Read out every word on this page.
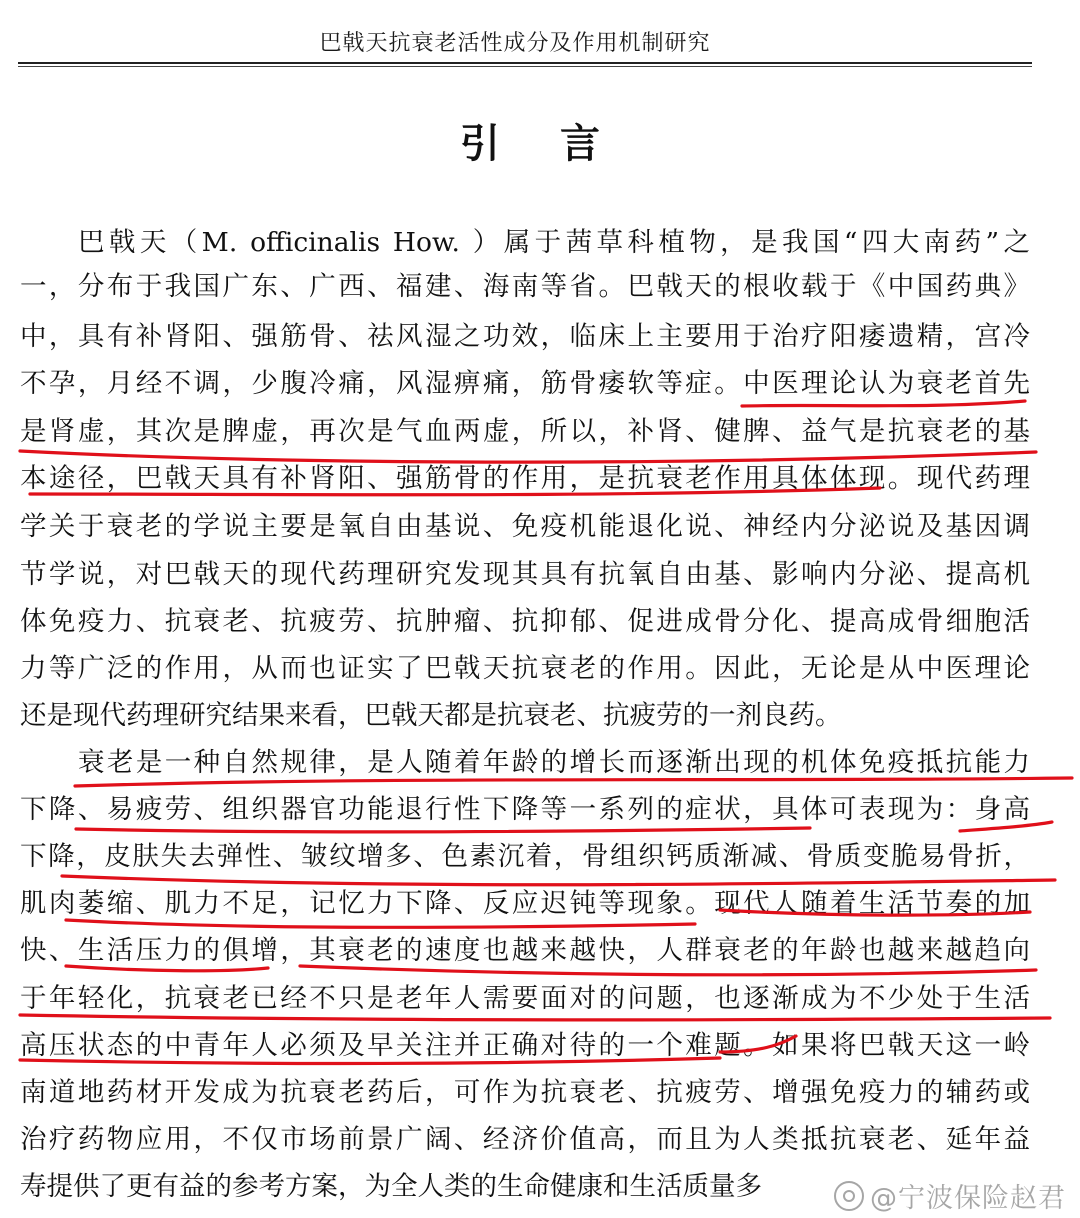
巴戟天抗衰老活性成分及作用机制研究
引言
巴戟天（M. officinalis How. ）属于茜草科植物，是我国“四大南药”之
一，分布于我国广东、广西、福建、海南等省。巴戟天的根收载于《中国药典》
中，具有补肾阳、强筋骨、祛风湿之功效，临床上主要用于治疗阳痿遗精，宫冷
不孕，月经不调，少腹冷痛，风湿痹痛，筋骨痿软等症。中医理论认为衰老首先
是肾虚，其次是脾虚，再次是气血两虚，所以，补肾、健脾、益气是抗衰老的基
本途径，巴戟天具有补肾阳、强筋骨的作用，是抗衰老作用具体体现。现代药理
学关于衰老的学说主要是氧自由基说、免疫机能退化说、神经内分泌说及基因调
节学说，对巴戟天的现代药理研究发现其具有抗氧自由基、影响内分泌、提高机
体免疫力、抗衰老、抗疲劳、抗肿瘤、抗抑郁、促进成骨分化、提高成骨细胞活
力等广泛的作用，从而也证实了巴戟天抗衰老的作用。因此，无论是从中医理论
还是现代药理研究结果来看，巴戟天都是抗衰老、抗疲劳的一剂良药。
衰老是一种自然规律，是人随着年龄的增长而逐渐出现的机体免疫抵抗能力
下降、易疲劳、组织器官功能退行性下降等一系列的症状，具体可表现为：身高
下降，皮肤失去弹性、皱纹增多、色素沉着，骨组织钙质渐减、骨质变脆易骨折，
肌肉萎缩、肌力不足，记忆力下降、反应迟钝等现象。现代人随着生活节奏的加
快、生活压力的俱增，其衰老的速度也越来越快，人群衰老的年龄也越来越趋向
于年轻化，抗衰老已经不只是老年人需要面对的问题，也逐渐成为不少处于生活
高压状态的中青年人必须及早关注并正确对待的一个难题。如果将巴戟天这一岭
南道地药材开发成为抗衰老药后，可作为抗衰老、抗疲劳、增强免疫力的辅药或
治疗药物应用，不仅市场前景广阔、经济价值高，而且为人类抵抗衰老、延年益
寿提供了更有益的参考方案，为全人类的生命健康和生活质量多	@宁波保险赵君
